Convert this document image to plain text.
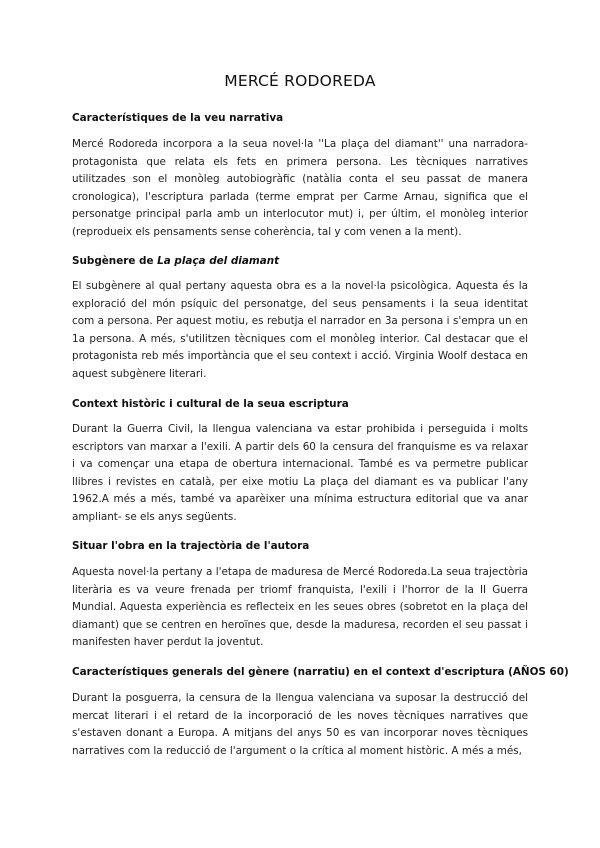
MERCÉ RODOREDA
Característiques de la veu narrativa

Mercé Rodoreda incorpora a la seua novel·la ''La plaça del diamant'' una narradora-protagonista que relata els fets en primera persona. Les tècniques narratives utilitzades son el monòleg autobiogràfic (natàlia conta el seu passat de manera cronologica), l'escriptura parlada (terme emprat per Carme Arnau, significa que el personatge principal parla amb un interlocutor mut) i, per últim, el monòleg interior (reprodueix els pensaments sense coherència, tal y com venen a la ment).

Subgènere de La plaça del diamant

El subgènere al qual pertany aquesta obra es a la novel·la psicològica. Aquesta és la exploració del món psíquic del personatge, del seus pensaments i la seua identitat com a persona. Per aquest motiu, es rebutja el narrador en 3a persona i s'empra un en 1a persona. A més, s'utilitzen tècniques com el monòleg interior. Cal destacar que el protagonista reb més importància que el seu context i acció. Virginia Woolf destaca en aquest subgènere literari.

Context històric i cultural de la seua escriptura

Durant la Guerra Civil, la llengua valenciana va estar prohibida i perseguida i molts escriptors van marxar a l'exili. A partir dels 60 la censura del franquisme es va relaxar i va començar una etapa de obertura internacional. També es va permetre publicar llibres i revistes en català, per eixe motiu La plaça del diamant es va publicar l'any 1962.A més a més, també va aparèixer una mínima estructura editorial que va anar ampliant- se els anys següents.

Situar l'obra en la trajectòria de l'autora

Aquesta novel·la pertany a l'etapa de maduresa de Mercé Rodoreda.La seua trajectòria literària es va veure frenada per triomf franquista, l'exili i l'horror de la II Guerra Mundial. Aquesta experiència es reflecteix en les seues obres (sobretot en la plaça del diamant) que se centren en heroïnes que, desde la maduresa, recorden el seu passat i manifesten haver perdut la joventut.

Característiques generals del gènere (narratiu) en el context d'escriptura (AÑOS 60)

Durant la posguerra, la censura de la llengua valenciana va suposar la destrucció del mercat literari i el retard de la incorporació de les noves tècniques narratives que s'estaven donant a Europa. A mitjans del anys 50 es van incorporar noves tècniques narratives com la reducció de l'argument o la crítica al moment històric. A més a més,
